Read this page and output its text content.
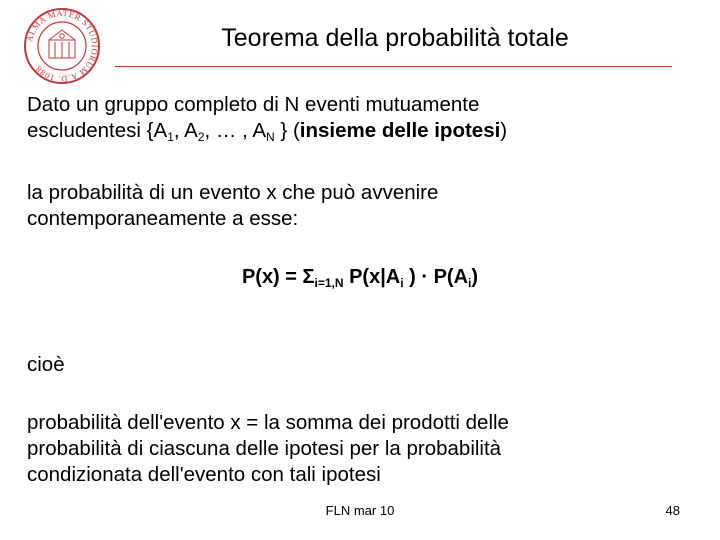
ALMA MATER STUDIORUM A.D. 1088
Teorema della probabilità totale

Dato un gruppo completo di N eventi mutuamente
escludentesi {$A_1$, $A_2$, … , $A_N$ } (insieme delle ipotesi)

la probabilità di un evento x che può avvenire
contemporaneamente a esse:

$P(x) = \Sigma_{i=1,N}$ $P(x|A_i$ ) · $P(A_i)$

cioè

probabilità dell'evento x = la somma dei prodotti delle
probabilità di ciascuna delle ipotesi per la probabilità
condizionata dell'evento con tali ipotesi

FLN mar 10	48
